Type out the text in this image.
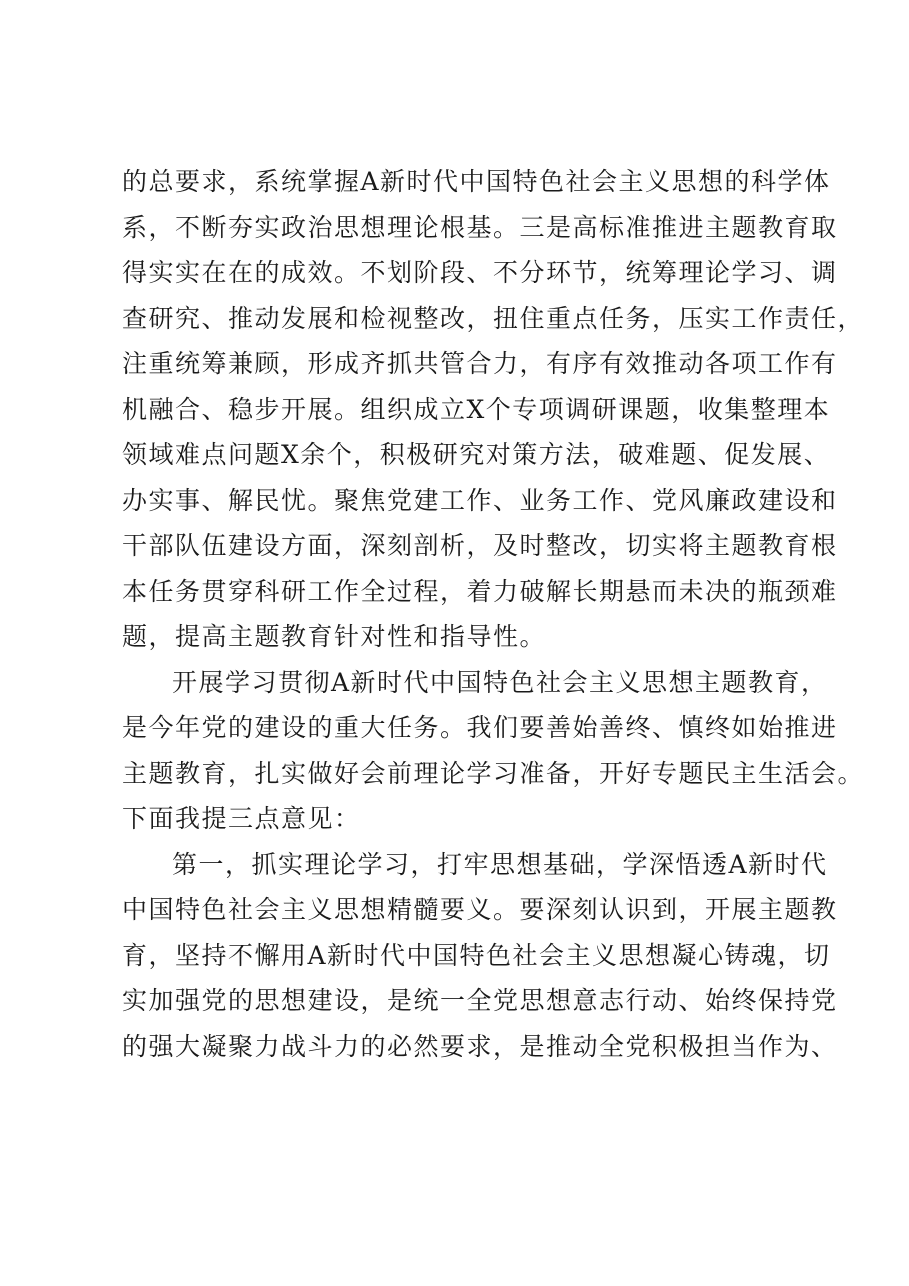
的总要求，系统掌握A新时代中国特色社会主义思想的科学体
系，不断夯实政治思想理论根基。三是高标准推进主题教育取
得实实在在的成效。不划阶段、不分环节，统筹理论学习、调
查研究、推动发展和检视整改，扭住重点任务，压实工作责任，
注重统筹兼顾，形成齐抓共管合力，有序有效推动各项工作有
机融合、稳步开展。组织成立X个专项调研课题，收集整理本
领域难点问题X余个，积极研究对策方法，破难题、促发展、
办实事、解民忧。聚焦党建工作、业务工作、党风廉政建设和
干部队伍建设方面，深刻剖析，及时整改，切实将主题教育根
本任务贯穿科研工作全过程，着力破解长期悬而未决的瓶颈难
题，提高主题教育针对性和指导性。

开展学习贯彻A新时代中国特色社会主义思想主题教育，
是今年党的建设的重大任务。我们要善始善终、慎终如始推进
主题教育，扎实做好会前理论学习准备，开好专题民主生活会。
下面我提三点意见：

第一，抓实理论学习，打牢思想基础，学深悟透A新时代
中国特色社会主义思想精髓要义。要深刻认识到，开展主题教
育，坚持不懈用A新时代中国特色社会主义思想凝心铸魂，切
实加强党的思想建设，是统一全党思想意志行动、始终保持党
的强大凝聚力战斗力的必然要求，是推动全党积极担当作为、
